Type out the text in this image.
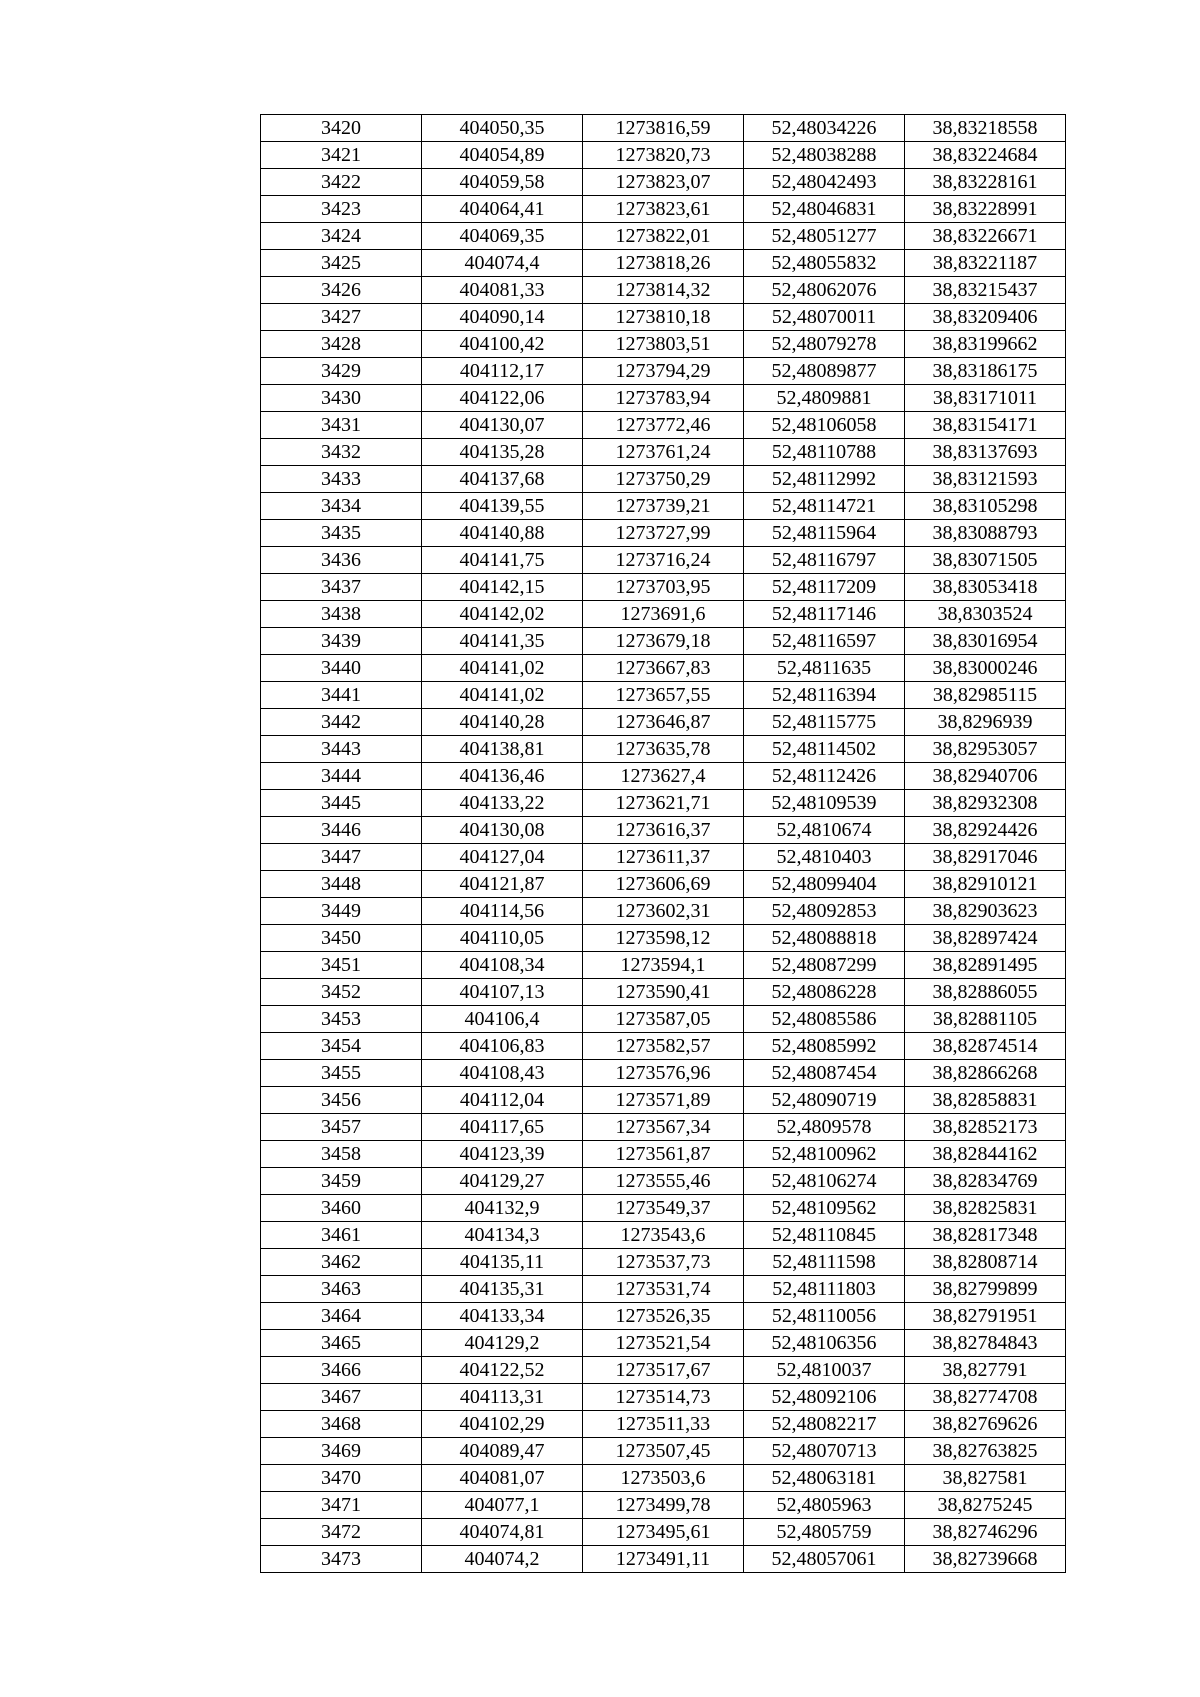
3420	404050,35	1273816,59	52,48034226	38,83218558
3421	404054,89	1273820,73	52,48038288	38,83224684
3422	404059,58	1273823,07	52,48042493	38,83228161
3423	404064,41	1273823,61	52,48046831	38,83228991
3424	404069,35	1273822,01	52,48051277	38,83226671
3425	404074,4	1273818,26	52,48055832	38,83221187
3426	404081,33	1273814,32	52,48062076	38,83215437
3427	404090,14	1273810,18	52,48070011	38,83209406
3428	404100,42	1273803,51	52,48079278	38,83199662
3429	404112,17	1273794,29	52,48089877	38,83186175
3430	404122,06	1273783,94	52,4809881	38,83171011
3431	404130,07	1273772,46	52,48106058	38,83154171
3432	404135,28	1273761,24	52,48110788	38,83137693
3433	404137,68	1273750,29	52,48112992	38,83121593
3434	404139,55	1273739,21	52,48114721	38,83105298
3435	404140,88	1273727,99	52,48115964	38,83088793
3436	404141,75	1273716,24	52,48116797	38,83071505
3437	404142,15	1273703,95	52,48117209	38,83053418
3438	404142,02	1273691,6	52,48117146	38,8303524
3439	404141,35	1273679,18	52,48116597	38,83016954
3440	404141,02	1273667,83	52,4811635	38,83000246
3441	404141,02	1273657,55	52,48116394	38,82985115
3442	404140,28	1273646,87	52,48115775	38,8296939
3443	404138,81	1273635,78	52,48114502	38,82953057
3444	404136,46	1273627,4	52,48112426	38,82940706
3445	404133,22	1273621,71	52,48109539	38,82932308
3446	404130,08	1273616,37	52,4810674	38,82924426
3447	404127,04	1273611,37	52,4810403	38,82917046
3448	404121,87	1273606,69	52,48099404	38,82910121
3449	404114,56	1273602,31	52,48092853	38,82903623
3450	404110,05	1273598,12	52,48088818	38,82897424
3451	404108,34	1273594,1	52,48087299	38,82891495
3452	404107,13	1273590,41	52,48086228	38,82886055
3453	404106,4	1273587,05	52,48085586	38,82881105
3454	404106,83	1273582,57	52,48085992	38,82874514
3455	404108,43	1273576,96	52,48087454	38,82866268
3456	404112,04	1273571,89	52,48090719	38,82858831
3457	404117,65	1273567,34	52,4809578	38,82852173
3458	404123,39	1273561,87	52,48100962	38,82844162
3459	404129,27	1273555,46	52,48106274	38,82834769
3460	404132,9	1273549,37	52,48109562	38,82825831
3461	404134,3	1273543,6	52,48110845	38,82817348
3462	404135,11	1273537,73	52,48111598	38,82808714
3463	404135,31	1273531,74	52,48111803	38,82799899
3464	404133,34	1273526,35	52,48110056	38,82791951
3465	404129,2	1273521,54	52,48106356	38,82784843
3466	404122,52	1273517,67	52,4810037	38,827791
3467	404113,31	1273514,73	52,48092106	38,82774708
3468	404102,29	1273511,33	52,48082217	38,82769626
3469	404089,47	1273507,45	52,48070713	38,82763825
3470	404081,07	1273503,6	52,48063181	38,827581
3471	404077,1	1273499,78	52,4805963	38,8275245
3472	404074,81	1273495,61	52,4805759	38,82746296
3473	404074,2	1273491,11	52,48057061	38,82739668
